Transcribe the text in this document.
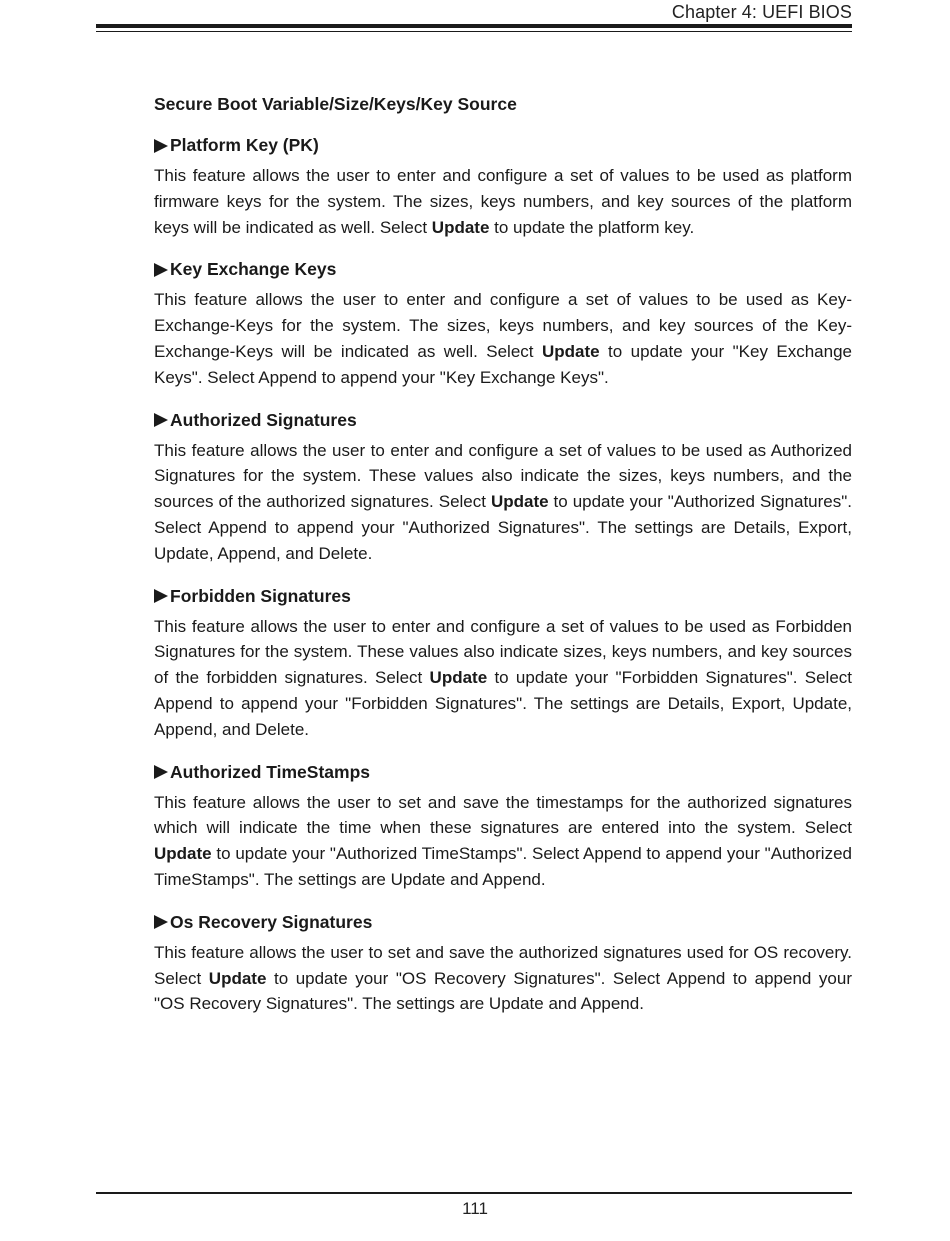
Chapter 4: UEFI BIOS
Secure Boot Variable/Size/Keys/Key Source
Platform Key (PK)

This feature allows the user to enter and configure a set of values to be used as platform firmware keys for the system. The sizes, keys numbers, and key sources of the platform keys will be indicated as well. Select Update to update the platform key.

Key Exchange Keys

This feature allows the user to enter and configure a set of values to be used as Key-Exchange-Keys for the system. The sizes, keys numbers, and key sources of the Key-Exchange-Keys will be indicated as well. Select Update to update your "Key Exchange Keys". Select Append to append your "Key Exchange Keys".

Authorized Signatures

This feature allows the user to enter and configure a set of values to be used as Authorized Signatures for the system. These values also indicate the sizes, keys numbers, and the sources of the authorized signatures. Select Update to update your "Authorized Signatures". Select Append to append your "Authorized Signatures". The settings are Details, Export, Update, Append, and Delete.

Forbidden Signatures

This feature allows the user to enter and configure a set of values to be used as Forbidden Signatures for the system. These values also indicate sizes, keys numbers, and key sources of the forbidden signatures. Select Update to update your "Forbidden Signatures". Select Append to append your "Forbidden Signatures". The settings are Details, Export, Update, Append, and Delete.

Authorized TimeStamps

This feature allows the user to set and save the timestamps for the authorized signatures which will indicate the time when these signatures are entered into the system. Select Update to update your "Authorized TimeStamps". Select Append to append your "Authorized TimeStamps". The settings are Update and Append.

Os Recovery Signatures

This feature allows the user to set and save the authorized signatures used for OS recovery. Select Update to update your "OS Recovery Signatures". Select Append to append your "OS Recovery Signatures". The settings are Update and Append.

111
